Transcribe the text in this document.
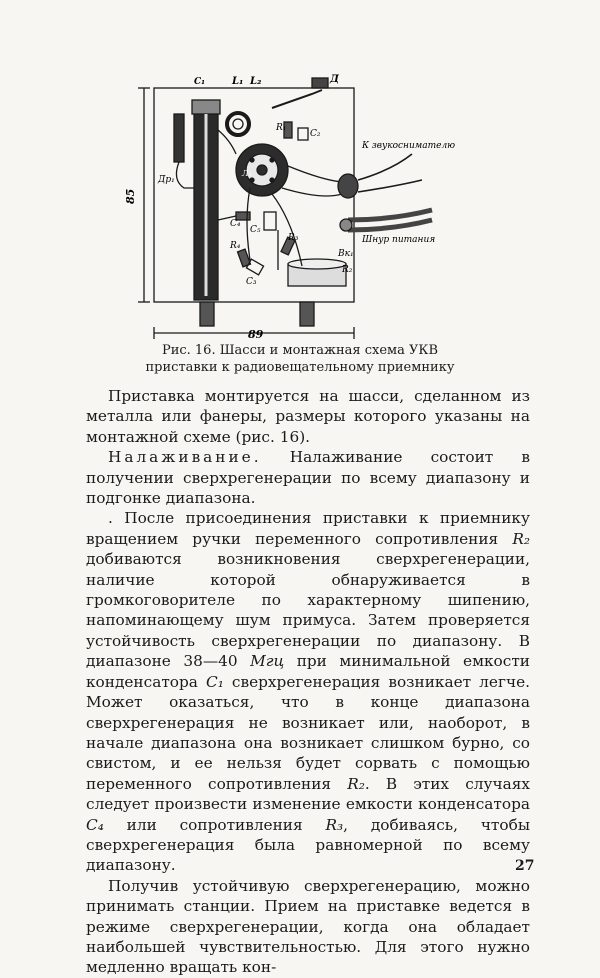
C₁	L₁ L₂	Д
R₁
C₂
Др₁
Л₁
C₄
C₅
R₄
R₃
C₃
Вк₁
R₂
К звукоснимателю
Шнур питания
85
89
Рис. 16. Шасси и монтажная схема УКВ
приставки к радиовещательному приемнику

Приставка монтируется на шасси, сделанном из металла или фанеры, размеры которого указаны на монтажной схеме (рис. 16).

Налаживание. Налаживание состоит в получении сверхрегенерации по всему диапазону и подгонке диапазона.

. После присоединения приставки к приемнику вращением ручки переменного сопротивления R₂ добиваются возникновения сверхрегенерации, наличие которой обнаруживается в громкоговорителе по характерному шипению, напоминающему шум примуса. Затем проверяется устойчивость сверхрегенерации по диапазону. В диапазоне 38—40 Мгц при минимальной емкости конденсатора C₁ сверхрегенерация возникает легче. Может оказаться, что в конце диапазона сверхрегенерация не возникает или, наоборот, в начале диапазона она возникает слишком бурно, со свистом, и ее нельзя будет сорвать с помощью переменного сопротивления R₂. В этих случаях следует произвести изменение емкости конденсатора C₄ или сопротивления R₃, добиваясь, чтобы сверхрегенерация была равномерной по всему диапазону.

Получив устойчивую сверхрегенерацию, можно принимать станции. Прием на приставке ведется в режиме сверхрегенерации, когда она обладает наибольшей чувствительностью. Для этого нужно медленно вращать кон-

27
